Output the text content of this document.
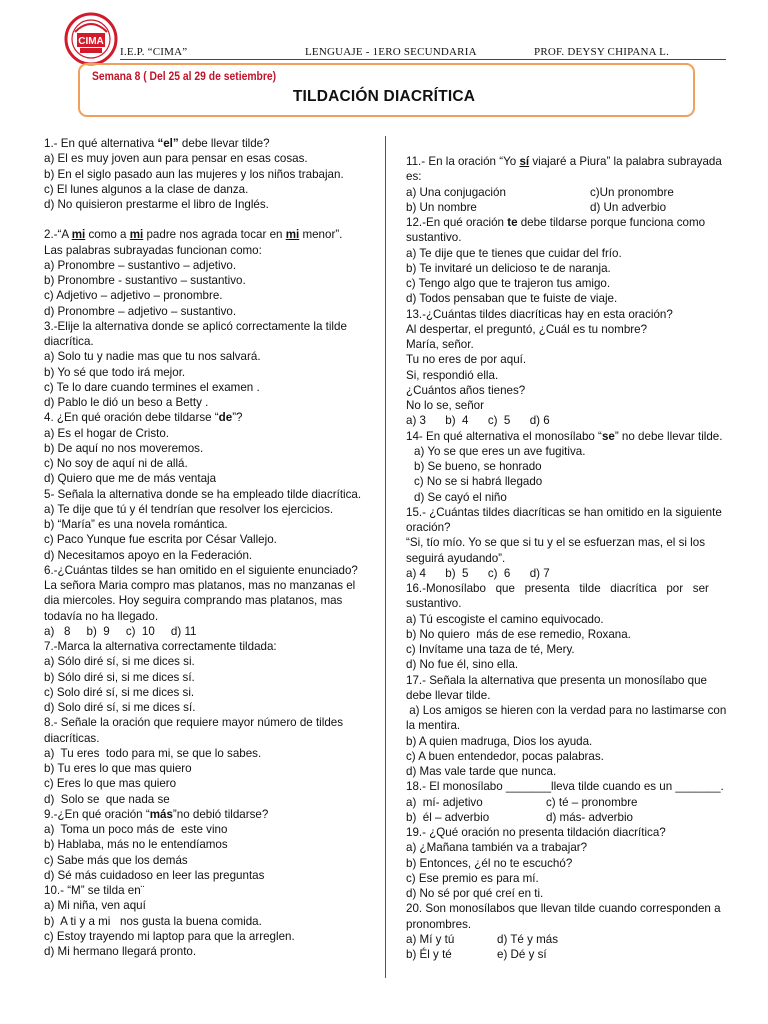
CIMA
I.E.P. “CIMA”	LENGUAJE - 1ERO SECUNDARIA	PROF. DEYSY CHIPANA L.
Semana 8 ( Del 25 al 29 de setiembre)
TILDACIÓN DIACRÍTICA
1.- En qué alternativa “el” debe llevar tilde?
a) El es muy joven aun para pensar en esas cosas.
b) En el siglo pasado aun las mujeres y los niños trabajan.
c) El lunes algunos a la clase de danza.
d) No quisieron prestarme el libro de Inglés.
2.-“A mi como a mi padre nos agrada tocar en mi menor”.
Las palabras subrayadas funcionan como:
a) Pronombre – sustantivo – adjetivo.
b) Pronombre - sustantivo – sustantivo.
c) Adjetivo – adjetivo – pronombre.
d) Pronombre – adjetivo – sustantivo.
3.-Elije la alternativa donde se aplicó correctamente la tilde
diacrítica.
a) Solo tu y nadie mas que tu nos salvará.
b) Yo sé que todo irá mejor.
c) Te lo dare cuando termines el examen .
d) Pablo le dió un beso a Betty .
4. ¿En qué oración debe tildarse “de”?
a) Es el hogar de Cristo.
b) De aquí no nos moveremos.
c) No soy de aquí ni de allá.
d) Quiero que me de más ventaja
5- Señala la alternativa donde se ha empleado tilde diacrítica.
a) Te dije que tú y él tendrían que resolver los ejercicios.
b) “María” es una novela romántica.
c) Paco Yunque fue escrita por César Vallejo.
d) Necesitamos apoyo en la Federación.
6.-¿Cuántas tildes se han omitido en el siguiente enunciado?
La señora Maria compro mas platanos, mas no manzanas el
dia miercoles. Hoy seguira comprando mas platanos, mas
todavía no ha llegado.
a)   8     b)  9     c)  10     d) 11
7.-Marca la alternativa correctamente tildada:
a) Sólo diré sí, si me dices si.
b) Sólo diré si, si me dices sí.
c) Solo diré sí, si me dices si.
d) Solo diré sí, si me dices sí.
8.- Señale la oración que requiere mayor número de tildes
diacríticas.
a)  Tu eres  todo para mi, se que lo sabes.
b) Tu eres lo que mas quiero
c) Eres lo que mas quiero
d)  Solo se  que nada se
9.-¿En qué oración “más”no debió tildarse?
a)  Toma un poco más de  este vino
b) Hablaba, más no le entendíamos
c) Sabe más que los demás
d) Sé más cuidadoso en leer las preguntas
10.- “M” se tilda en¨
a) Mi niña, ven aquí
b)  A ti y a mi   nos gusta la buena comida.
c) Estoy trayendo mi laptop para que la arreglen.
d) Mi hermano llegará pronto.
11.- En la oración “Yo sí viajaré a Piura” la palabra subrayada
es:
a) Una conjugación	c)Un pronombre
b) Un nombre	d) Un adverbio
12.-En qué oración te debe tildarse porque funciona como
sustantivo.
a) Te dije que te tienes que cuidar del frío.
b) Te invitaré un delicioso te de naranja.
c) Tengo algo que te trajeron tus amigo.
d) Todos pensaban que te fuiste de viaje.
13.-¿Cuántas tildes diacríticas hay en esta oración?
Al despertar, el preguntó, ¿Cuál es tu nombre?
María, señor.
Tu no eres de por aquí.
Si, respondió ella.
¿Cuántos años tienes?
No lo se, señor
a) 3      b)  4      c)  5      d) 6
14- En qué alternativa el monosílabo “se” no debe llevar tilde.
a) Yo se que eres un ave fugitiva.
b) Se bueno, se honrado
c) No se si habrá llegado
d) Se cayó el niño
15.- ¿Cuántas tildes diacríticas se han omitido en la siguiente
oración?
“Si, tío mío. Yo se que si tu y el se esfuerzan mas, el si los
seguirá ayudando”.
a) 4      b)  5      c)  6      d) 7
16.-Monosílabo   que   presenta   tilde   diacrítica   por   ser
sustantivo.
a) Tú escogiste el camino equivocado.
b) No quiero  más de ese remedio, Roxana.
c) Invítame una taza de té, Mery.
d) No fue él, sino ella.
17.- Señala la alternativa que presenta un monosílabo que
debe llevar tilde.
a) Los amigos se hieren con la verdad para no lastimarse con
la mentira.
b) A quien madruga, Dios los ayuda.
c) A buen entendedor, pocas palabras.
d) Mas vale tarde que nunca.
18.- El monosílabo _______lleva tilde cuando es un _______.
a)  mí- adjetivo	c) té – pronombre
b)  él – adverbio	d) más- adverbio
19.- ¿Qué oración no presenta tildación diacrítica?
a) ¿Mañana también va a trabajar?
b) Entonces, ¿él no te escuchó?
c) Ese premio es para mí.
d) No sé por qué creí en ti.
20. Son monosílabos que llevan tilde cuando corresponden a
pronombres.
a) Mí y tú	d) Té y más
b) Él y té	e) Dé y sí
